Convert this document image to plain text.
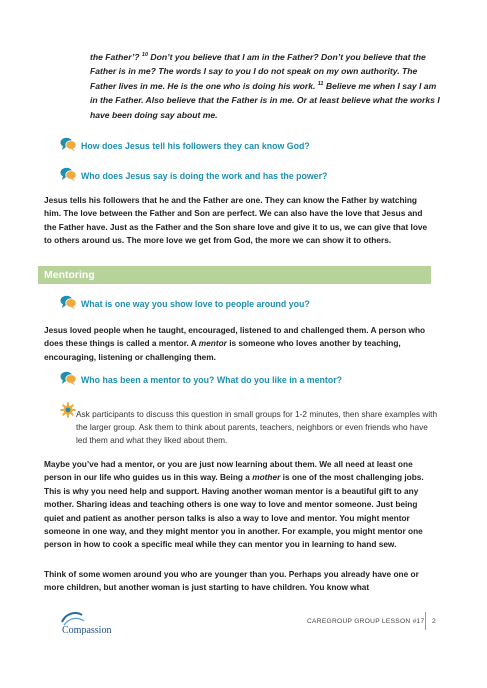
the Father’? $^{10}$ Don’t you believe that I am in the Father? Don’t you believe that the Father is in me? The words I say to you I do not speak on my own authority. The Father lives in me. He is the one who is doing his work. $^{11}$ Believe me when I say I am in the Father. Also believe that the Father is in me. Or at least believe what the works I have been doing say about me.
How does Jesus tell his followers they can know God?
Who does Jesus say is doing the work and has the power?
Jesus tells his followers that he and the Father are one. They can know the Father by watching him. The love between the Father and Son are perfect. We can also have the love that Jesus and the Father have. Just as the Father and the Son share love and give it to us, we can give that love to others around us. The more love we get from God, the more we can show it to others.
Mentoring
What is one way you show love to people around you?
Jesus loved people when he taught, encouraged, listened to and challenged them. A person who does these things is called a mentor. A mentor is someone who loves another by teaching, encouraging, listening or challenging them.
Who has been a mentor to you? What do you like in a mentor?
Ask participants to discuss this question in small groups for 1-2 minutes, then share examples with the larger group. Ask them to think about parents, teachers, neighbors or even friends who have led them and what they liked about them.
Maybe you’ve had a mentor, or you are just now learning about them. We all need at least one person in our life who guides us in this way. Being a mother is one of the most challenging jobs. This is why you need help and support. Having another woman mentor is a beautiful gift to any mother. Sharing ideas and teaching others is one way to love and mentor someone. Just being quiet and patient as another person talks is also a way to love and mentor. You might mentor someone in one way, and they might mentor you in another. For example, you might mentor one person in how to cook a specific meal while they can mentor you in learning to hand sew.
Think of some women around you who are younger than you. Perhaps you already have one or more children, but another woman is just starting to have children. You know what
Compassion
CAREGROUP GROUP LESSON #17 2
